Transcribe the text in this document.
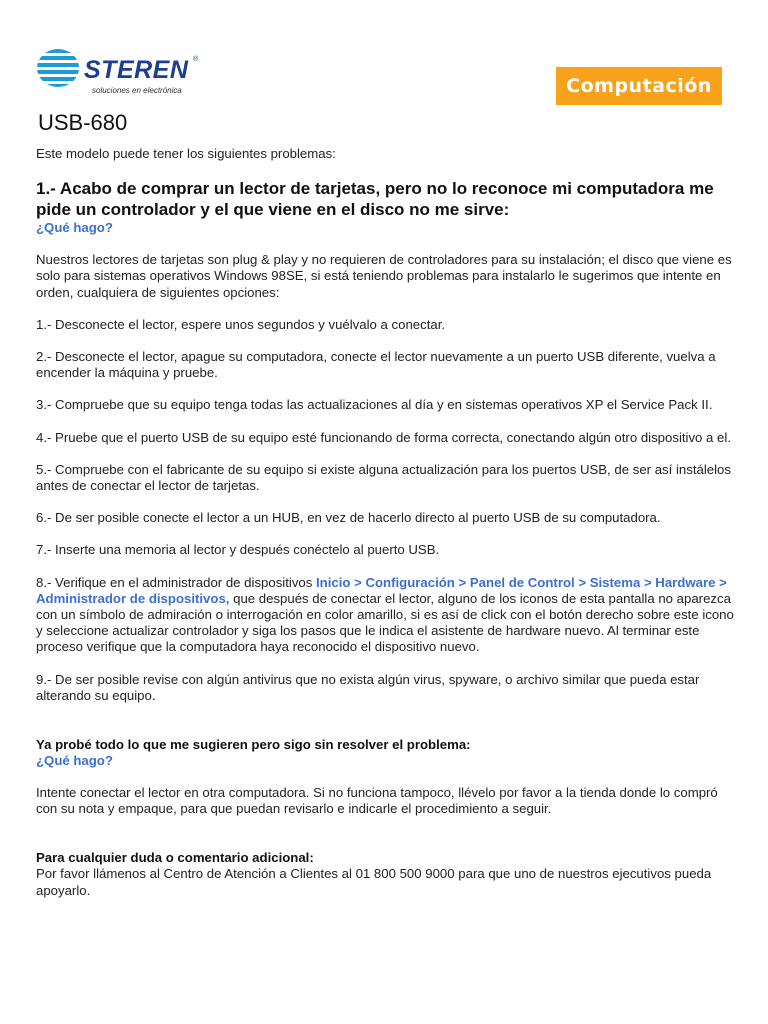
STEREN ®
soluciones en electrónica	Computación
USB-680

Este modelo puede tener los siguientes problemas:

1.- Acabo de comprar un lector de tarjetas, pero no lo reconoce mi computadora me pide un controlador y el que viene en el disco no me sirve:

¿Qué hago?

Nuestros lectores de tarjetas son plug & play y no requieren de controladores para su instalación; el disco que viene es solo para sistemas operativos Windows 98SE, si está teniendo problemas para instalarlo le sugerimos que intente en orden, cualquiera de siguientes opciones:

1.- Desconecte el lector, espere unos segundos y vuélvalo a conectar.

2.- Desconecte el lector, apague su computadora, conecte el lector nuevamente a un puerto USB diferente, vuelva a encender la máquina y pruebe.

3.- Compruebe que su equipo tenga todas las actualizaciones al día y en sistemas operativos XP el Service Pack II.

4.- Pruebe que el puerto USB de su equipo esté funcionando de forma correcta, conectando algún otro dispositivo a el.

5.- Compruebe con el fabricante de su equipo si existe alguna actualización para los puertos USB, de ser así instálelos antes de conectar el lector de tarjetas.

6.- De ser posible conecte el lector a un HUB, en vez de hacerlo directo al puerto USB de su computadora.

7.- Inserte una memoria al lector y después conéctelo al puerto USB.

8.- Verifique en el administrador de dispositivos Inicio > Configuración > Panel de Control > Sistema > Hardware > Administrador de dispositivos, que después de conectar el lector, alguno de los iconos de esta pantalla no aparezca con un símbolo de admiración o interrogación en color amarillo, si es así de click con el botón derecho sobre este icono y seleccione actualizar controlador y siga los pasos que le indica el asistente de hardware nuevo. Al terminar este proceso verifique que la computadora haya reconocido el dispositivo nuevo.

9.- De ser posible revise con algún antivirus que no exista algún virus, spyware, o archivo similar que pueda estar alterando su equipo.

Ya probé todo lo que me sugieren pero sigo sin resolver el problema:

¿Qué hago?

Intente conectar el lector en otra computadora. Si no funciona tampoco, llévelo por favor a la tienda donde lo compró con su nota y empaque, para que puedan revisarlo e indicarle el procedimiento a seguir.

Para cualquier duda o comentario adicional:

Por favor llámenos al Centro de Atención a Clientes al 01 800 500 9000 para que uno de nuestros ejecutivos pueda apoyarlo.
